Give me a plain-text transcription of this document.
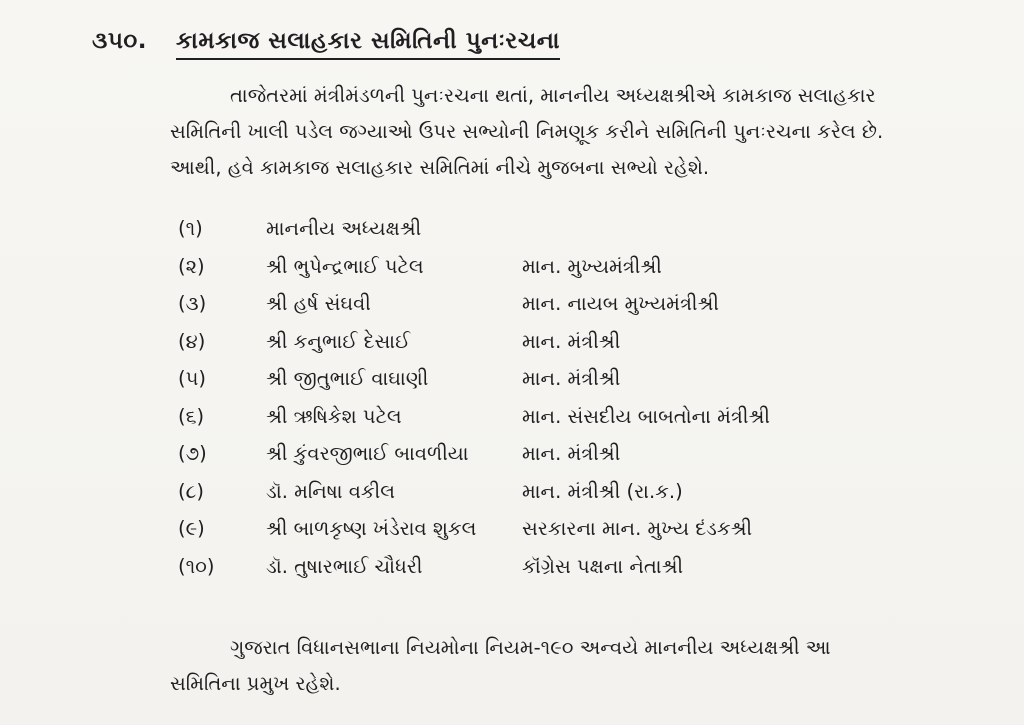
૩૫૦. કામકાજ સલાહકાર સમિતિની પુનઃરચના
તાજેતરમાં મંત્રીમંડળની પુનઃરચના થતાં, માનનીય અધ્યક્ષશ્રીએ કામકાજ સલાહકાર
સમિતિની ખાલી પડેલ જગ્યાઓ ઉપર સભ્યોની નિમણૂક કરીને સમિતિની પુનઃરચના કરેલ છે.
આથી, હવે કામકાજ સલાહકાર સમિતિમાં નીચે મુજબના સભ્યો રહેશે.
(૧)	માનનીય અધ્યક્ષશ્રી
(૨)	શ્રી ભુપેન્દ્રભાઈ પટેલ	માન. મુખ્યમંત્રીશ્રી
(૩)	શ્રી હર્ષ સંઘવી	માન. નાયબ મુખ્યમંત્રીશ્રી
(૪)	શ્રી કનુભાઈ દેસાઈ	માન. મંત્રીશ્રી
(૫)	શ્રી જીતુભાઈ વાઘાણી	માન. મંત્રીશ્રી
(૬)	શ્રી ઋષિકેશ પટેલ	માન. સંસદીય બાબતોના મંત્રીશ્રી
(૭)	શ્રી કુંવરજીભાઈ બાવળીયા	માન. મંત્રીશ્રી
(૮)	ડૉ. મનિષા વકીલ	માન. મંત્રીશ્રી (રા.ક.)
(૯)	શ્રી બાળકૃષ્ણ ખંડેરાવ શુકલ	સરકારના માન. મુખ્ય દંડકશ્રી
(૧૦)	ડૉ. તુષારભાઈ ચૌધરી	કૉંગ્રેસ પક્ષના નેતાશ્રી
ગુજરાત વિધાનસભાના નિયમોના નિયમ-૧૯૦ અન્વયે માનનીય અધ્યક્ષશ્રી આ
સમિતિના પ્રમુખ રહેશે.
